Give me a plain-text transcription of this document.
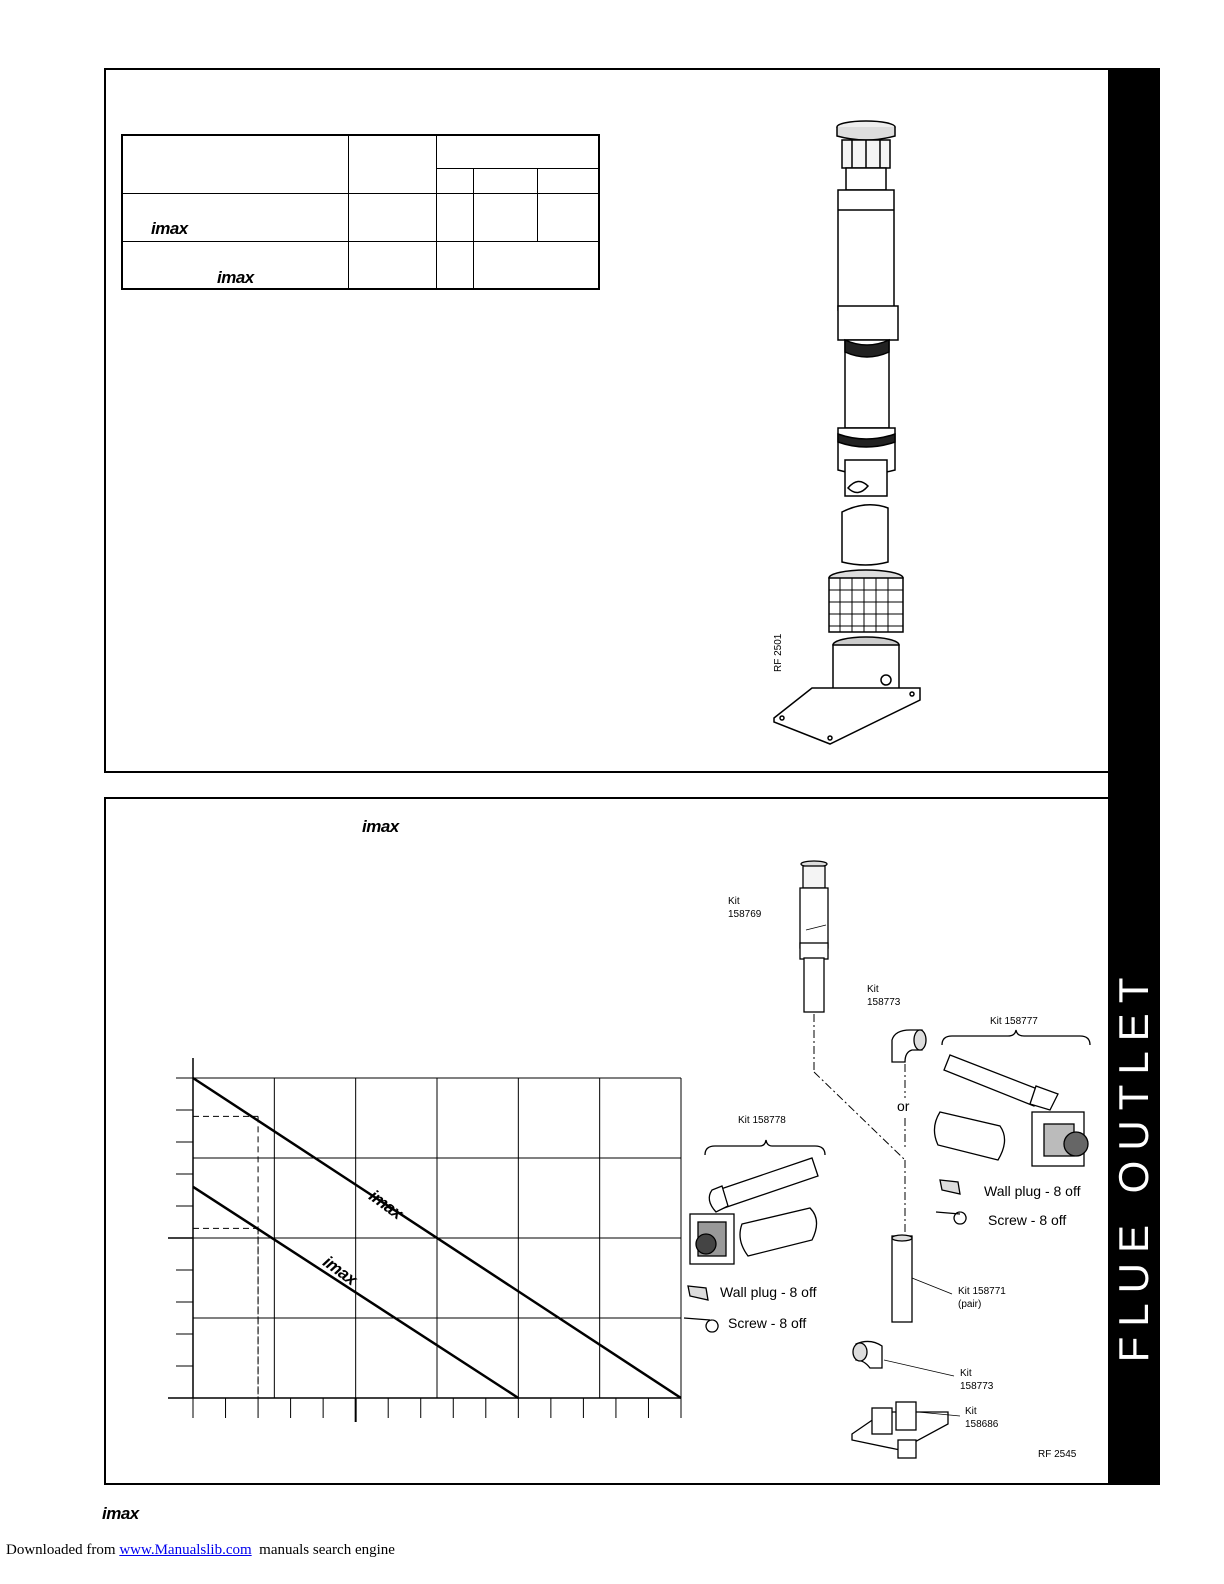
imax				

imax				

RF 2501
imax
imax
imax
Kit
158769
Kit
158773
Kit 158777
Kit 158778
or
Wall plug - 8 off
Screw - 8 off
Wall plug - 8 off
Screw - 8 off
Kit 158771
(pair)
Kit
158773
Kit
158686
RF 2545
FLUE OUTLET
imax
Downloaded from www.Manualslib.com  manuals search engine
